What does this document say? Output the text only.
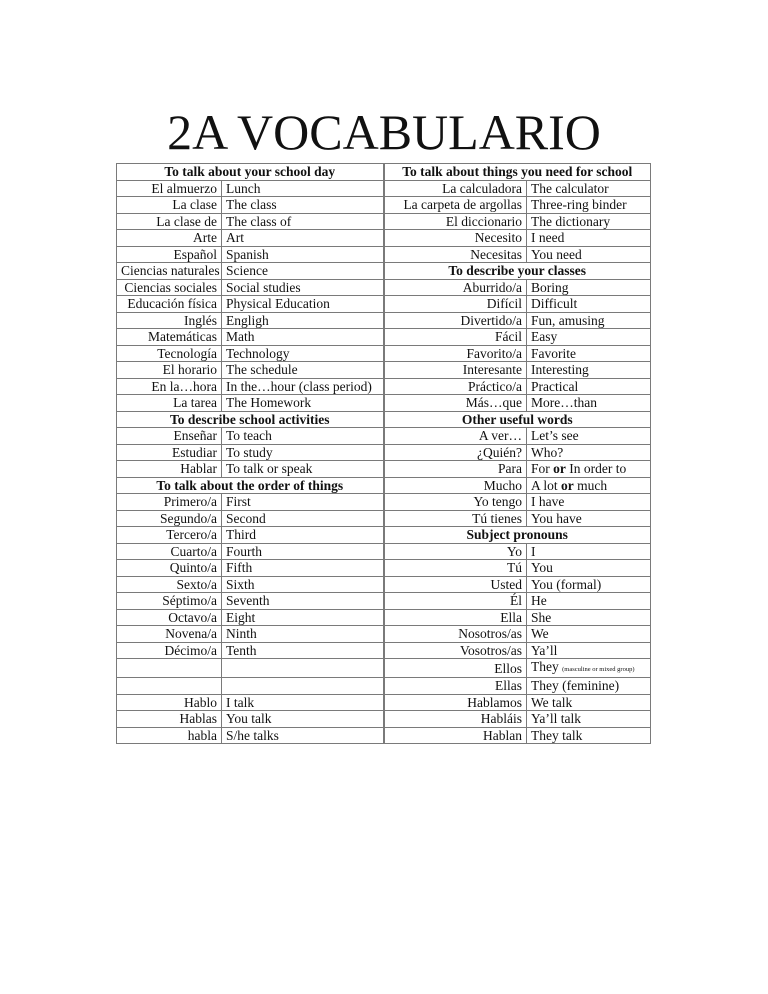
2A VOCABULARIO
To talk about your school day		To talk about things you need for school	
El almuerzo	Lunch	La calculadora	The calculator
La clase	The class	La carpeta de argollas	Three-ring binder
La clase de	The class of	El diccionario	The dictionary
Arte	Art	Necesito	I need
Español	Spanish	Necesitas	You need
Ciencias naturales	Science	To describe your classes	
Ciencias sociales	Social studies	Aburrido/a	Boring
Educación física	Physical Education	Difícil	Difficult
Inglés	Engligh	Divertido/a	Fun, amusing
Matemáticas	Math	Fácil	Easy
Tecnología	Technology	Favorito/a	Favorite
El horario	The schedule	Interesante	Interesting
En la…hora	In the…hour (class period)	Práctico/a	Practical
La tarea	The Homework	Más…que	More…than
To describe school activities		Other useful words	
Enseñar	To teach	A ver…	Let’s see
Estudiar	To study	¿Quién?	Who?
Hablar	To talk or speak	Para	For or In order to
To talk about the order of things		Mucho	A lot or much
Primero/a	First	Yo tengo	I have
Segundo/a	Second	Tú tienes	You have
Tercero/a	Third	Subject pronouns	
Cuarto/a	Fourth	Yo	I
Quinto/a	Fifth	Tú	You
Sexto/a	Sixth	Usted	You (formal)
Séptimo/a	Seventh	Él	He
Octavo/a	Eight	Ella	She
Novena/a	Ninth	Nosotros/as	We
Décimo/a	Tenth	Vosotros/as	Ya’ll
		Ellos	They (masculine or mixed group)
		Ellas	They (feminine)
Hablo	I talk	Hablamos	We talk
Hablas	You talk	Habláis	Ya’ll talk
habla	S/he talks	Hablan	They talk
